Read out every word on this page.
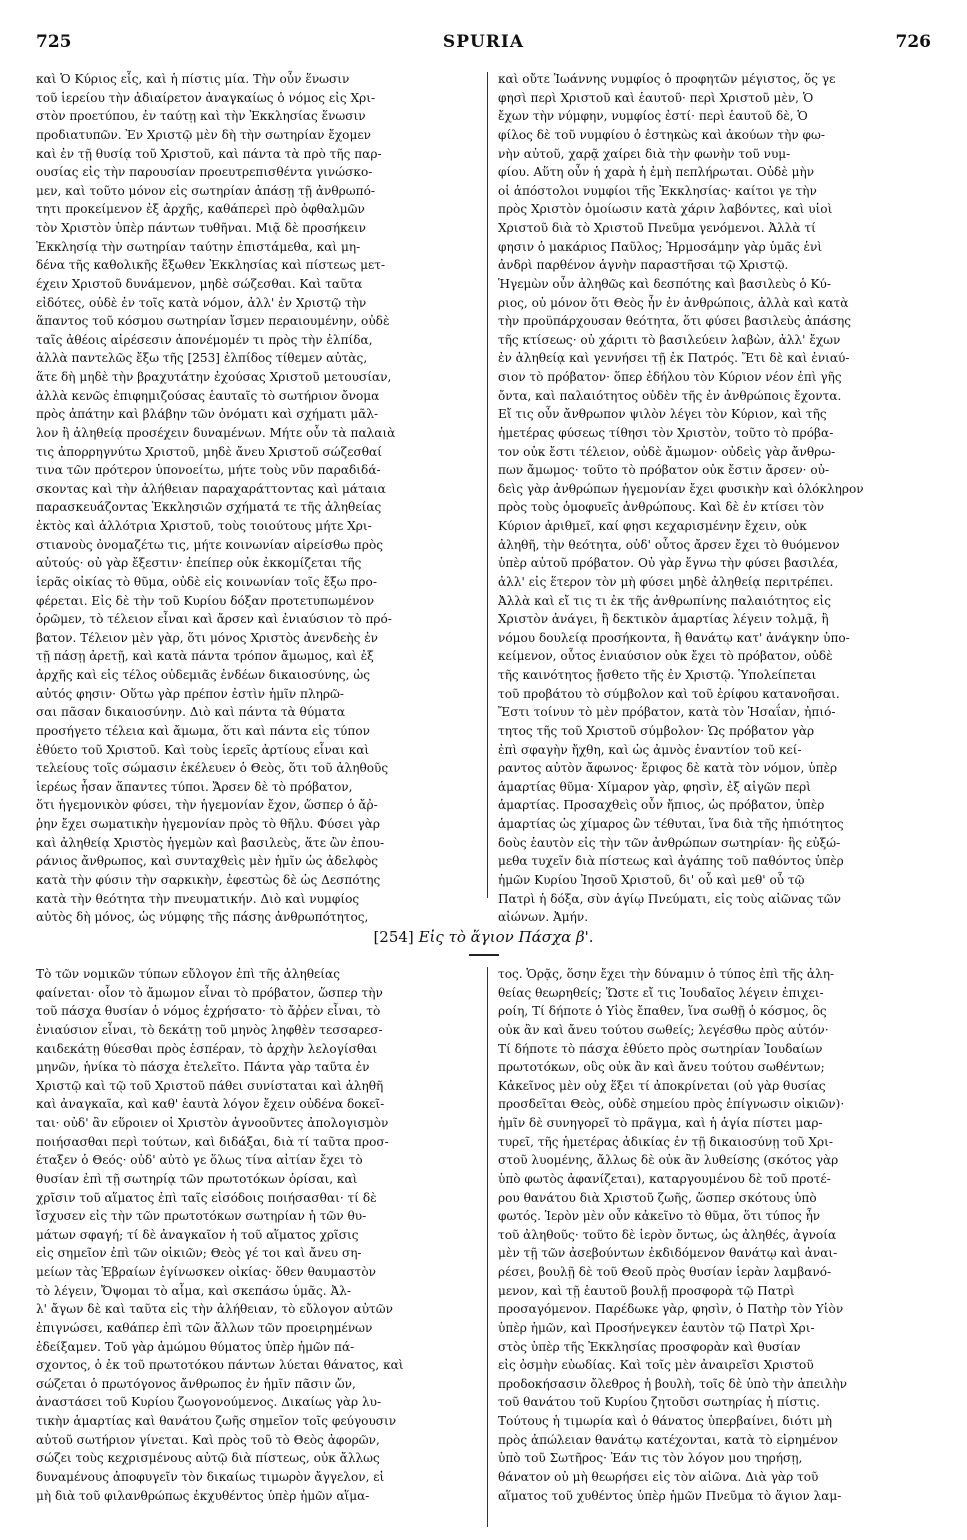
725	SPURIA	726
καὶ Ὁ Κύριος εἷς, καὶ ἡ πίστις μία. Τὴν οὖν ἕνωσιν
τοῦ ἱερείου τὴν ἀδιαίρετον ἀναγκαίως ὁ νόμος εἰς Χρι-
στὸν προετύπου, ἐν ταύτῃ καὶ τὴν Ἐκκλησίας ἕνωσιν
προδιατυπῶν. Ἐν Χριστῷ μὲν δὴ τὴν σωτηρίαν ἔχομεν
καὶ ἐν τῇ θυσίᾳ τοῦ Χριστοῦ, καὶ πάντα τὰ πρὸ τῆς παρ-
ουσίας εἰς τὴν παρουσίαν προευτρεπισθέντα γινώσκο-
μεν, καὶ τοῦτο μόνον εἰς σωτηρίαν ἁπάσῃ τῇ ἀνθρωπό-
τητι προκείμενον ἐξ ἀρχῆς, καθάπερεὶ πρὸ ὀφθαλμῶν
τὸν Χριστὸν ὑπὲρ πάντων τυθῆναι. Μιᾷ δὲ προσήκειν
Ἐκκλησίᾳ τὴν σωτηρίαν ταύτην ἐπιστάμεθα, καὶ μη-
δένα τῆς καθολικῆς ἔξωθεν Ἐκκλησίας καὶ πίστεως μετ-
έχειν Χριστοῦ δυνάμενον, μηδὲ σώζεσθαι. Καὶ ταῦτα
εἰδότες, οὐδὲ ἐν τοῖς κατὰ νόμον, ἀλλ' ἐν Χριστῷ τὴν
ἅπαντος τοῦ κόσμου σωτηρίαν ἴσμεν περαιουμένην, οὐδὲ
ταῖς ἀθέοις αἱρέσεσιν ἀπονέμομέν τι πρὸς τὴν ἐλπίδα,
ἀλλὰ παντελῶς ἔξω τῆς [253] ἐλπίδος τίθεμεν αὐτὰς,
ἅτε δὴ μηδὲ τὴν βραχυτάτην ἐχούσας Χριστοῦ μετουσίαν,
ἀλλὰ κενῶς ἐπιφημιζούσας ἑαυταῖς τὸ σωτήριον ὄνομα
πρὸς ἀπάτην καὶ βλάβην τῶν ὀνόματι καὶ σχήματι μᾶλ-
λον ἢ ἀληθείᾳ προσέχειν δυναμένων. Μήτε οὖν τὰ παλαιὰ
τις ἀπορρηγνύτω Χριστοῦ, μηδὲ ἄνευ Χριστοῦ σώζεσθαί
τινα τῶν πρότερον ὑπονοείτω, μήτε τοὺς νῦν παραδιδά-
σκοντας καὶ τὴν ἀλήθειαν παραχαράττοντας καὶ μάταια
παρασκευάζοντας Ἐκκλησιῶν σχήματά τε τῆς ἀληθείας
ἐκτὸς καὶ ἀλλότρια Χριστοῦ, τοὺς τοιούτους μήτε Χρι-
στιανοὺς ὀνομαζέτω τις, μήτε κοινωνίαν αἱρείσθω πρὸς
αὐτούς· οὐ γὰρ ἔξεστιν· ἐπείπερ οὐκ ἐκκομίζεται τῆς
ἱερᾶς οἰκίας τὸ θῦμα, οὐδὲ εἰς κοινωνίαν τοῖς ἔξω προ-
φέρεται. Εἰς δὲ τὴν τοῦ Κυρίου δόξαν προτετυπωμένον
ὁρῶμεν, τὸ τέλειον εἶναι καὶ ἄρσεν καὶ ἐνιαύσιον τὸ πρό-
βατον. Τέλειον μὲν γὰρ, ὅτι μόνος Χριστὸς ἀνενδεὴς ἐν
τῇ πάσῃ ἀρετῇ, καὶ κατὰ πάντα τρόπον ἄμωμος, καὶ ἐξ
ἀρχῆς καὶ εἰς τέλος οὐδεμιᾶς ἐνδέων δικαιοσύνης, ὡς
αὐτός φησιν· Οὕτω γὰρ πρέπον ἐστὶν ἡμῖν πληρῶ-
σαι πᾶσαν δικαιοσύνην. Διὸ καὶ πάντα τὰ θύματα
προσήγετο τέλεια καὶ ἄμωμα, ὅτι καὶ πάντα εἰς τύπον
ἐθύετο τοῦ Χριστοῦ. Καὶ τοὺς ἱερεῖς ἀρτίους εἶναι καὶ
τελείους τοῖς σώμασιν ἐκέλευεν ὁ Θεὸς, ὅτι τοῦ ἀληθοῦς
ἱερέως ἦσαν ἅπαντες τύποι. Ἄρσεν δὲ τὸ πρόβατον,
ὅτι ἡγεμονικὸν φύσει, τὴν ἡγεμονίαν ἔχον, ὥσπερ ὁ ἄῤ-
ῥην ἔχει σωματικὴν ἡγεμονίαν πρὸς τὸ θῆλυ. Φύσει γὰρ
καὶ ἀληθείᾳ Χριστὸς ἡγεμὼν καὶ βασιλεὺς, ἅτε ὢν ἐπου-
ράνιος ἄνθρωπος, καὶ συνταχθεὶς μὲν ἡμῖν ὡς ἀδελφὸς
κατὰ τὴν φύσιν τὴν σαρκικὴν, ἐφεστὼς δὲ ὡς Δεσπότης
κατὰ τὴν θεότητα τὴν πνευματικήν. Διὸ καὶ νυμφίος
αὐτὸς δὴ μόνος, ὡς νύμφης τῆς πάσης ἀνθρωπότητος,
καὶ οὔτε Ἰωάννης νυμφίος ὁ προφητῶν μέγιστος, ὅς γε
φησὶ περὶ Χριστοῦ καὶ ἑαυτοῦ· περὶ Χριστοῦ μὲν, Ὁ
ἔχων τὴν νύμφην, νυμφίος ἐστί· περὶ ἑαυτοῦ δὲ, Ὁ
φίλος δὲ τοῦ νυμφίου ὁ ἑστηκὼς καὶ ἀκούων τὴν φω-
νὴν αὐτοῦ, χαρᾷ χαίρει διὰ τὴν φωνὴν τοῦ νυμ-
φίου. Αὕτη οὖν ἡ χαρὰ ἡ ἐμὴ πεπλήρωται. Οὐδὲ μὴν
οἱ ἀπόστολοι νυμφίοι τῆς Ἐκκλησίας· καίτοι γε τὴν
πρὸς Χριστὸν ὁμοίωσιν κατὰ χάριν λαβόντες, καὶ υἱοὶ
Χριστοῦ διὰ τὸ Χριστοῦ Πνεῦμα γενόμενοι. Ἀλλὰ τί
φησιν ὁ μακάριος Παῦλος; Ἡρμοσάμην γὰρ ὑμᾶς ἑνὶ
ἀνδρὶ παρθένον ἁγνὴν παραστῆσαι τῷ Χριστῷ.
Ἡγεμὼν οὖν ἀληθῶς καὶ δεσπότης καὶ βασιλεὺς ὁ Κύ-
ριος, οὐ μόνον ὅτι Θεὸς ἦν ἐν ἀνθρώποις, ἀλλὰ καὶ κατὰ
τὴν προϋπάρχουσαν θεότητα, ὅτι φύσει βασιλεὺς ἁπάσης
τῆς κτίσεως· οὐ χάριτι τὸ βασιλεύειν λαβὼν, ἀλλ' ἔχων
ἐν ἀληθείᾳ καὶ γεννήσει τῇ ἐκ Πατρός. Ἔτι δὲ καὶ ἐνιαύ-
σιον τὸ πρόβατον· ὅπερ ἐδήλου τὸν Κύριον νέον ἐπὶ γῆς
ὄντα, καὶ παλαιότητος οὐδὲν τῆς ἐν ἀνθρώποις ἔχοντα.
Εἴ τις οὖν ἄνθρωπον ψιλὸν λέγει τὸν Κύριον, καὶ τῆς
ἡμετέρας φύσεως τίθησι τὸν Χριστὸν, τοῦτο τὸ πρόβα-
τον οὐκ ἔστι τέλειον, οὐδὲ ἄμωμον· οὐδεὶς γὰρ ἄνθρω-
πων ἄμωμος· τοῦτο τὸ πρόβατον οὐκ ἔστιν ἄρσεν· οὐ-
δεὶς γὰρ ἀνθρώπων ἡγεμονίαν ἔχει φυσικὴν καὶ ὁλόκληρον
πρὸς τοὺς ὁμοφυεῖς ἀνθρώπους. Καὶ δὲ ἐν κτίσει τὸν
Κύριον ἀριθμεῖ, καί φησι κεχαρισμένην ἔχειν, οὐκ
ἀληθῆ, τὴν θεότητα, οὐδ' οὗτος ἄρσεν ἔχει τὸ θυόμενον
ὑπὲρ αὐτοῦ πρόβατον. Οὐ γὰρ ἔγνω τὴν φύσει βασιλέα,
ἀλλ' εἰς ἕτερον τὸν μὴ φύσει μηδὲ ἀληθείᾳ περιτρέπει.
Ἀλλὰ καὶ εἴ τις τι ἐκ τῆς ἀνθρωπίνης παλαιότητος εἰς
Χριστὸν ἀνάγει, ἢ δεκτικὸν ἁμαρτίας λέγειν τολμᾷ, ἢ
νόμου δουλείᾳ προσήκοντα, ἢ θανάτῳ κατ' ἀνάγκην ὑπο-
κείμενον, οὗτος ἐνιαύσιον οὐκ ἔχει τὸ πρόβατον, οὐδὲ
τῆς καινότητος ᾔσθετο τῆς ἐν Χριστῷ. Ὑπολείπεται
τοῦ προβάτου τὸ σύμβολον καὶ τοῦ ἐρίφου κατανοῆσαι.
Ἔστι τοίνυν τὸ μὲν πρόβατον, κατὰ τὸν Ἡσαΐαν, ἠπιό-
τητος τῆς τοῦ Χριστοῦ σύμβολον· Ὡς πρόβατον γὰρ
ἐπὶ σφαγὴν ἤχθη, καὶ ὡς ἀμνὸς ἐναντίον τοῦ κεί-
ραντος αὐτὸν ἄφωνος· ἔριφος δὲ κατὰ τὸν νόμον, ὑπὲρ
ἁμαρτίας θῦμα· Χίμαρον γὰρ, φησὶν, ἐξ αἰγῶν περὶ
ἁμαρτίας. Προσαχθεὶς οὖν ἤπιος, ὡς πρόβατον, ὑπὲρ
ἁμαρτίας ὡς χίμαρος ὢν τέθυται, ἵνα διὰ τῆς ἠπιότητος
δοὺς ἑαυτὸν εἰς τὴν τῶν ἀνθρώπων σωτηρίαν· ἣς εὐξώ-
μεθα τυχεῖν διὰ πίστεως καὶ ἀγάπης τοῦ παθόντος ὑπὲρ
ἡμῶν Κυρίου Ἰησοῦ Χριστοῦ, δι' οὗ καὶ μεθ' οὗ τῷ
Πατρὶ ἡ δόξα, σὺν ἁγίῳ Πνεύματι, εἰς τοὺς αἰῶνας τῶν
αἰώνων. Ἀμήν.
[254] Εἰς τὸ ἅγιον Πάσχα β'.
Τὸ τῶν νομικῶν τύπων εὔλογον ἐπὶ τῆς ἀληθείας
φαίνεται· οἷον τὸ ἄμωμον εἶναι τὸ πρόβατον, ὥσπερ τὴν
τοῦ πάσχα θυσίαν ὁ νόμος ἐχρήσατο· τὸ ἄῤῥεν εἶναι, τὸ
ἐνιαύσιον εἶναι, τὸ δεκάτῃ τοῦ μηνὸς ληφθὲν τεσσαρεσ-
καιδεκάτῃ θύεσθαι πρὸς ἑσπέραν, τὸ ἀρχὴν λελογίσθαι
μηνῶν, ἡνίκα τὸ πάσχα ἐτελεῖτο. Πάντα γὰρ ταῦτα ἐν
Χριστῷ καὶ τῷ τοῦ Χριστοῦ πάθει συνίσταται καὶ ἀληθῆ
καὶ ἀναγκαῖα, καὶ καθ' ἑαυτὰ λόγον ἔχειν οὐδένα δοκεῖ-
ται· οὐδ' ἂν εὕροιεν οἱ Χριστὸν ἀγνοοῦντες ἀπολογισμὸν
ποιήσασθαι περὶ τούτων, καὶ διδάξαι, διὰ τί ταῦτα προσ-
έταξεν ὁ Θεός· οὐδ' αὐτὸ γε ὅλως τίνα αἰτίαν ἔχει τὸ
θυσίαν ἐπὶ τῇ σωτηρίᾳ τῶν πρωτοτόκων ὁρίσαι, καὶ
χρῖσιν τοῦ αἵματος ἐπὶ ταῖς εἰσόδοις ποιήσασθαι· τί δὲ
ἴσχυσεν εἰς τὴν τῶν πρωτοτόκων σωτηρίαν ἡ τῶν θυ-
μάτων σφαγή; τί δὲ ἀναγκαῖον ἡ τοῦ αἵματος χρῖσις
εἰς σημεῖον ἐπὶ τῶν οἰκιῶν; Θεὸς γέ τοι καὶ ἄνευ ση-
μείων τὰς Ἑβραίων ἐγίνωσκεν οἰκίας· ὅθεν θαυμαστὸν
τὸ λέγειν, Ὄψομαι τὸ αἷμα, καὶ σκεπάσω ὑμᾶς. Ἀλ-
λ' ἄγων δὲ καὶ ταῦτα εἰς τὴν ἀλήθειαν, τὸ εὔλογον αὐτῶν
ἐπιγνώσει, καθάπερ ἐπὶ τῶν ἄλλων τῶν προειρημένων
ἐδείξαμεν. Τοῦ γὰρ ἀμώμου θύματος ὑπὲρ ἡμῶν πά-
σχοντος, ὁ ἐκ τοῦ πρωτοτόκου πάντων λύεται θάνατος, καὶ
σώζεται ὁ πρωτόγονος ἄνθρωπος ἐν ἡμῖν πᾶσιν ὤν,
ἀναστάσει τοῦ Κυρίου ζωογονούμενος. Δικαίως γὰρ λυ-
τικὴν ἁμαρτίας καὶ θανάτου ζωῆς σημεῖον τοῖς φεύγουσιν
αὐτοῦ σωτήριον γίνεται. Καὶ πρὸς τοῦ τὸ Θεὸς ἀφορῶν,
σώζει τοὺς κεχρισμένους αὐτῷ διὰ πίστεως, οὐκ ἄλλως
δυναμένους ἀποφυγεῖν τὸν δικαίως τιμωρὸν ἄγγελον, εἰ
μὴ διὰ τοῦ φιλανθρώπως ἐκχυθέντος ὑπὲρ ἡμῶν αἵμα-
τος. Ὁρᾷς, ὅσην ἔχει τὴν δύναμιν ὁ τύπος ἐπὶ τῆς ἀλη-
θείας θεωρηθείς; Ὥστε εἴ τις Ἰουδαῖος λέγειν ἐπιχει-
ροίη, Τί δήποτε ὁ Υἱὸς ἔπαθεν, ἵνα σωθῇ ὁ κόσμος, ὃς
οὐκ ἂν καὶ ἄνευ τούτου σωθείς; λεγέσθω πρὸς αὐτόν·
Τί δήποτε τὸ πάσχα ἐθύετο πρὸς σωτηρίαν Ἰουδαίων
πρωτοτόκων, οὓς οὐκ ἂν καὶ ἄνευ τούτου σωθέντων;
Κἀκεῖνος μὲν οὐχ ἕξει τί ἀποκρίνεται (οὐ γὰρ θυσίας
προσδεῖται Θεὸς, οὐδὲ σημείου πρὸς ἐπίγνωσιν οἰκιῶν)·
ἡμῖν δὲ συνηγορεῖ τὸ πρᾶγμα, καὶ ἡ ἁγία πίστει μαρ-
τυρεῖ, τῆς ἡμετέρας ἀδικίας ἐν τῇ δικαιοσύνῃ τοῦ Χρι-
στοῦ λυομένης, ἄλλως δὲ οὐκ ἂν λυθείσης (σκότος γὰρ
ὑπὸ φωτὸς ἀφανίζεται), καταργουμένου δὲ τοῦ προτέ-
ρου θανάτου διὰ Χριστοῦ ζωῆς, ὥσπερ σκότους ὑπὸ
φωτός. Ἱερὸν μὲν οὖν κἀκεῖνο τὸ θῦμα, ὅτι τύπος ἦν
τοῦ ἀληθοῦς· τοῦτο δὲ ἱερὸν ὄντως, ὡς ἀληθές, ἀγνοία
μὲν τῇ τῶν ἀσεβούντων ἐκδιδόμενον θανάτῳ καὶ ἀναι-
ρέσει, βουλῇ δὲ τοῦ Θεοῦ πρὸς θυσίαν ἱερὰν λαμβανό-
μενον, καὶ τῇ ἑαυτοῦ βουλῇ προσφορὰ τῷ Πατρὶ
προσαγόμενον. Παρέδωκε γὰρ, φησὶν, ὁ Πατὴρ τὸν Υἱὸν
ὑπὲρ ἡμῶν, καὶ Προσήνεγκεν ἑαυτὸν τῷ Πατρὶ Χρι-
στὸς ὑπὲρ τῆς Ἐκκλησίας προσφορὰν καὶ θυσίαν
εἰς ὀσμὴν εὐωδίας. Καὶ τοῖς μὲν ἀναιρεῖσι Χριστοῦ
προδοκήσασιν ὄλεθρος ἡ βουλὴ, τοῖς δὲ ὑπὸ τὴν ἀπειλὴν
τοῦ θανάτου τοῦ Κυρίου ζητοῦσι σωτηρίας ἡ πίστις.
Τούτους ἡ τιμωρία καὶ ὁ θάνατος ὑπερβαίνει, διότι μὴ
πρὸς ἀπώλειαν θανάτῳ κατέχονται, κατὰ τὸ εἰρημένον
ὑπὸ τοῦ Σωτῆρος· Ἐάν τις τὸν λόγον μου τηρήσῃ,
θάνατον οὐ μὴ θεωρήσει εἰς τὸν αἰῶνα. Διὰ γὰρ τοῦ
αἵματος τοῦ χυθέντος ὑπὲρ ἡμῶν Πνεῦμα τὸ ἅγιον λαμ-
